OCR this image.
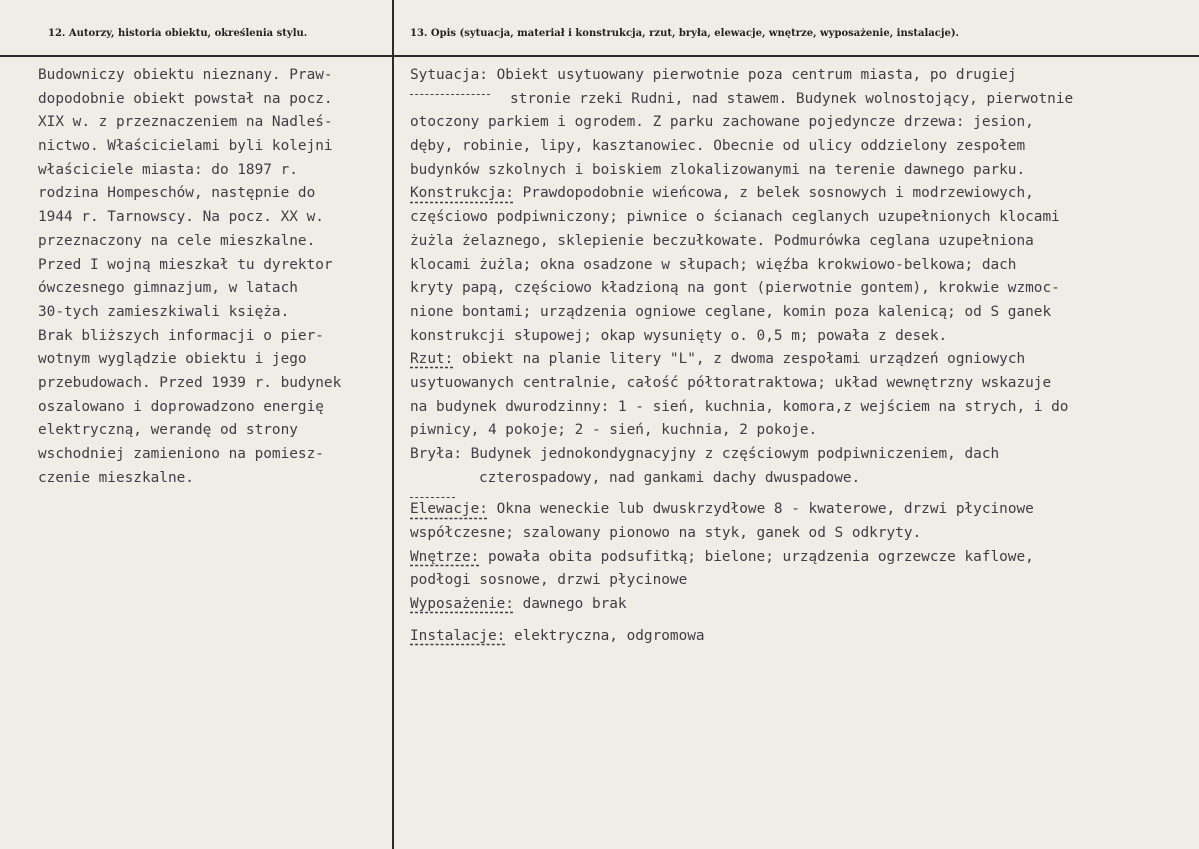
12. Autorzy, historia obiektu, określenia stylu.	13. Opis (sytuacja, materiał i konstrukcja, rzut, bryła, elewacje, wnętrze, wyposażenie, instalacje).
Budowniczy obiektu nieznany. Praw-
dopodobnie obiekt powstał na pocz.
XIX w. z przeznaczeniem na Nadleś-
nictwo. Właścicielami byli kolejni
właściciele miasta: do 1897 r.
rodzina Hompeschów, następnie do
1944 r. Tarnowscy. Na pocz. XX w.
przeznaczony na cele mieszkalne.
Przed I wojną mieszkał tu dyrektor
ówczesnego gimnazjum, w latach
30-tych zamieszkiwali księża.
Brak bliższych informacji o pier-
wotnym wyglądzie obiektu i jego
przebudowach. Przed 1939 r. budynek
oszalowano i doprowadzono energię
elektryczną, werandę od strony
wschodniej zamieniono na pomiesz-
czenie mieszkalne.
Sytuacja: Obiekt usytuowany pierwotnie poza centrum miasta, po drugiej
stronie rzeki Rudni, nad stawem. Budynek wolnostojący, pierwotnie
otoczony parkiem i ogrodem. Z parku zachowane pojedyncze drzewa: jesion,
dęby, robinie, lipy, kasztanowiec. Obecnie od ulicy oddzielony zespołem
budynków szkolnych i boiskiem zlokalizowanymi na terenie dawnego parku.
Konstrukcja: Prawdopodobnie wieńcowa, z belek sosnowych i modrzewiowych,
częściowo podpiwniczony; piwnice o ścianach ceglanych uzupełnionych klocami
żużla żelaznego, sklepienie beczułkowate. Podmurówka ceglana uzupełniona
klocami żużla; okna osadzone w słupach; więźba krokwiowo-belkowa; dach
kryty papą, częściowo kładzioną na gont (pierwotnie gontem), krokwie wzmoc-
nione bontami; urządzenia ogniowe ceglane, komin poza kalenicą; od S ganek
konstrukcji słupowej; okap wysunięty o. 0,5 m; powała z desek.
Rzut: obiekt na planie litery "L", z dwoma zespołami urządzeń ogniowych
usytuowanych centralnie, całość półtoratraktowa; układ wewnętrzny wskazuje
na budynek dwurodzinny: 1 - sień, kuchnia, komora,z wejściem na strych, i do
piwnicy, 4 pokoje; 2 - sień, kuchnia, 2 pokoje.
Bryła: Budynek jednokondygnacyjny z częściowym podpiwniczeniem, dach
czterospadowy, nad gankami dachy dwuspadowe.
Elewacje: Okna weneckie lub dwuskrzydłowe 8 - kwaterowe, drzwi płycinowe
współczesne; szalowany pionowo na styk, ganek od S odkryty.
Wnętrze: powała obita podsufitką; bielone; urządzenia ogrzewcze kaflowe,
podłogi sosnowe, drzwi płycinowe
Wyposażenie: dawnego brak
Instalacje: elektryczna, odgromowa
